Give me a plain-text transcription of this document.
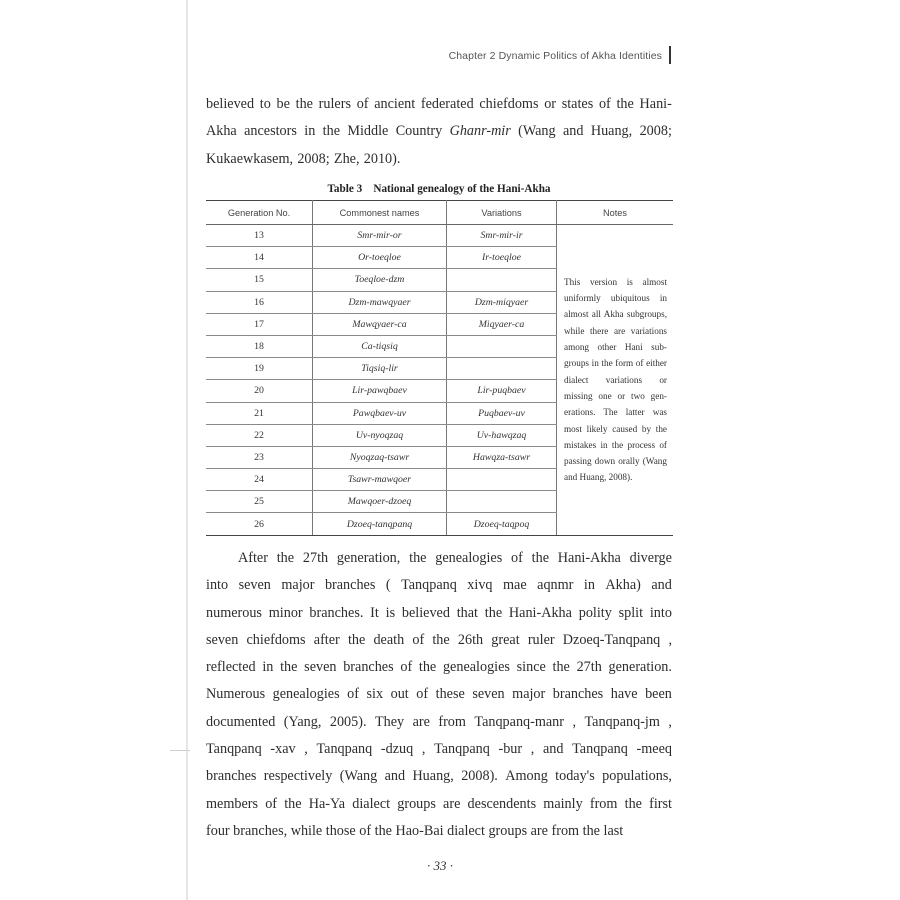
Chapter 2 Dynamic Politics of Akha Identities
believed to be the rulers of ancient federated chiefdoms or states of the Hani-
Akha ancestors in the Middle Country Ghanr-mir (Wang and Huang, 2008;
Kukaewkasem, 2008; Zhe, 2010).
Table 3    National genealogy of the Hani-Akha
Generation No.	Commonest names	Variations	Notes
13	Smr-mir-or	Smr-mir-ir	This version is almost uniformly ubiquitous in almost all Akha subgroups, while there are variations among other Hani sub-groups in the form of either dialect variations or missing one or two gen-erations. The latter was most likely caused by the mistakes in the process of passing down orally (Wang and Huang, 2008).

14	Or-toeqloe	Ir-toeqloe	
15	Toeqloe-dzm		
16	Dzm-mawqyaer	Dzm-miqyaer	
17	Mawqyaer-ca	Miqyaer-ca	
18	Ca-tiqsiq		
19	Tiqsiq-lir		
20	Lir-pawqbaev	Lir-puqbaev	
21	Pawqbaev-uv	Puqbaev-uv	
22	Uv-nyoqzaq	Uv-hawqzaq	
23	Nyoqzaq-tsawr	Hawqza-tsawr	
24	Tsawr-mawqoer		
25	Mawqoer-dzoeq		
26	Dzoeq-tanqpanq	Dzoeq-taqpoq	
After the 27th generation, the genealogies of the Hani-Akha diverge
into seven major branches ( Tanqpanq xivq mae aqnmr in Akha) and
numerous minor branches. It is believed that the Hani-Akha polity split into
seven chiefdoms after the death of the 26th great ruler Dzoeq-Tanqpanq ,
reflected in the seven branches of the genealogies since the 27th generation.
Numerous genealogies of six out of these seven major branches have been
documented (Yang, 2005). They are from Tanqpanq-manr , Tanqpanq-jm ,
Tanqpanq -xav , Tanqpanq -dzuq , Tanqpanq -bur , and Tanqpanq -meeq
branches respectively (Wang and Huang, 2008). Among today's populations,
members of the Ha-Ya dialect groups are descendents mainly from the first
four branches, while those of the Hao-Bai dialect groups are from the last
· 33 ·
